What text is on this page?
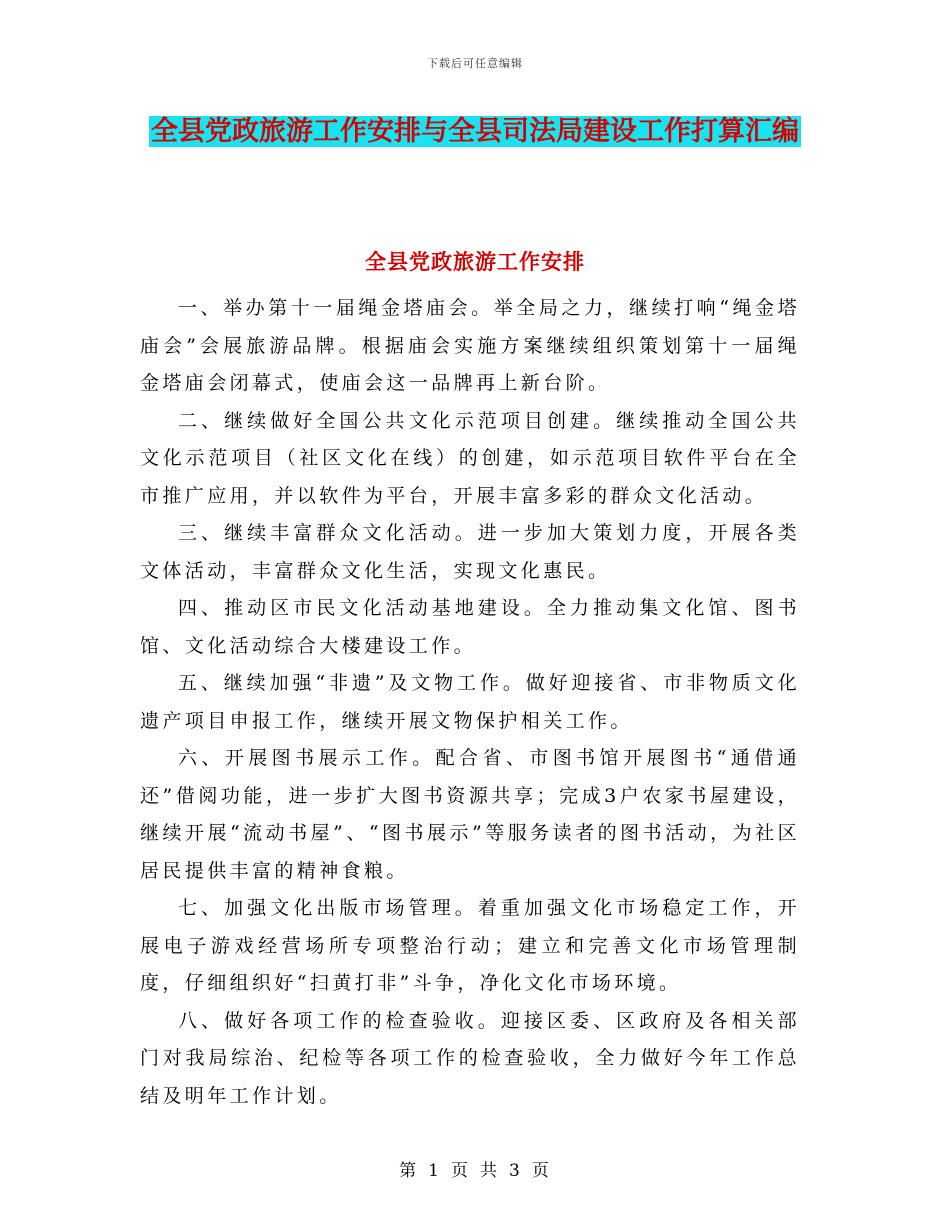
下载后可任意编辑
全县党政旅游工作安排与全县司法局建设工作打算汇编
全县党政旅游工作安排

一、举办第十一届绳金塔庙会。举全局之力，继续打响“绳金塔庙会”会展旅游品牌。根据庙会实施方案继续组织策划第十一届绳金塔庙会闭幕式，使庙会这一品牌再上新台阶。

二、继续做好全国公共文化示范项目创建。继续推动全国公共文化示范项目（社区文化在线）的创建，如示范项目软件平台在全市推广应用，并以软件为平台，开展丰富多彩的群众文化活动。

三、继续丰富群众文化活动。进一步加大策划力度，开展各类文体活动，丰富群众文化生活，实现文化惠民。

四、推动区市民文化活动基地建设。全力推动集文化馆、图书馆、文化活动综合大楼建设工作。

五、继续加强“非遗”及文物工作。做好迎接省、市非物质文化遗产项目申报工作，继续开展文物保护相关工作。

六、开展图书展示工作。配合省、市图书馆开展图书“通借通还”借阅功能，进一步扩大图书资源共享；完成3户农家书屋建设，继续开展“流动书屋”、“图书展示”等服务读者的图书活动，为社区居民提供丰富的精神食粮。

七、加强文化出版市场管理。着重加强文化市场稳定工作，开展电子游戏经营场所专项整治行动；建立和完善文化市场管理制度，仔细组织好“扫黄打非”斗争，净化文化市场环境。

八、做好各项工作的检查验收。迎接区委、区政府及各相关部门对我局综治、纪检等各项工作的检查验收，全力做好今年工作总结及明年工作计划。

第 1 页 共 3 页
